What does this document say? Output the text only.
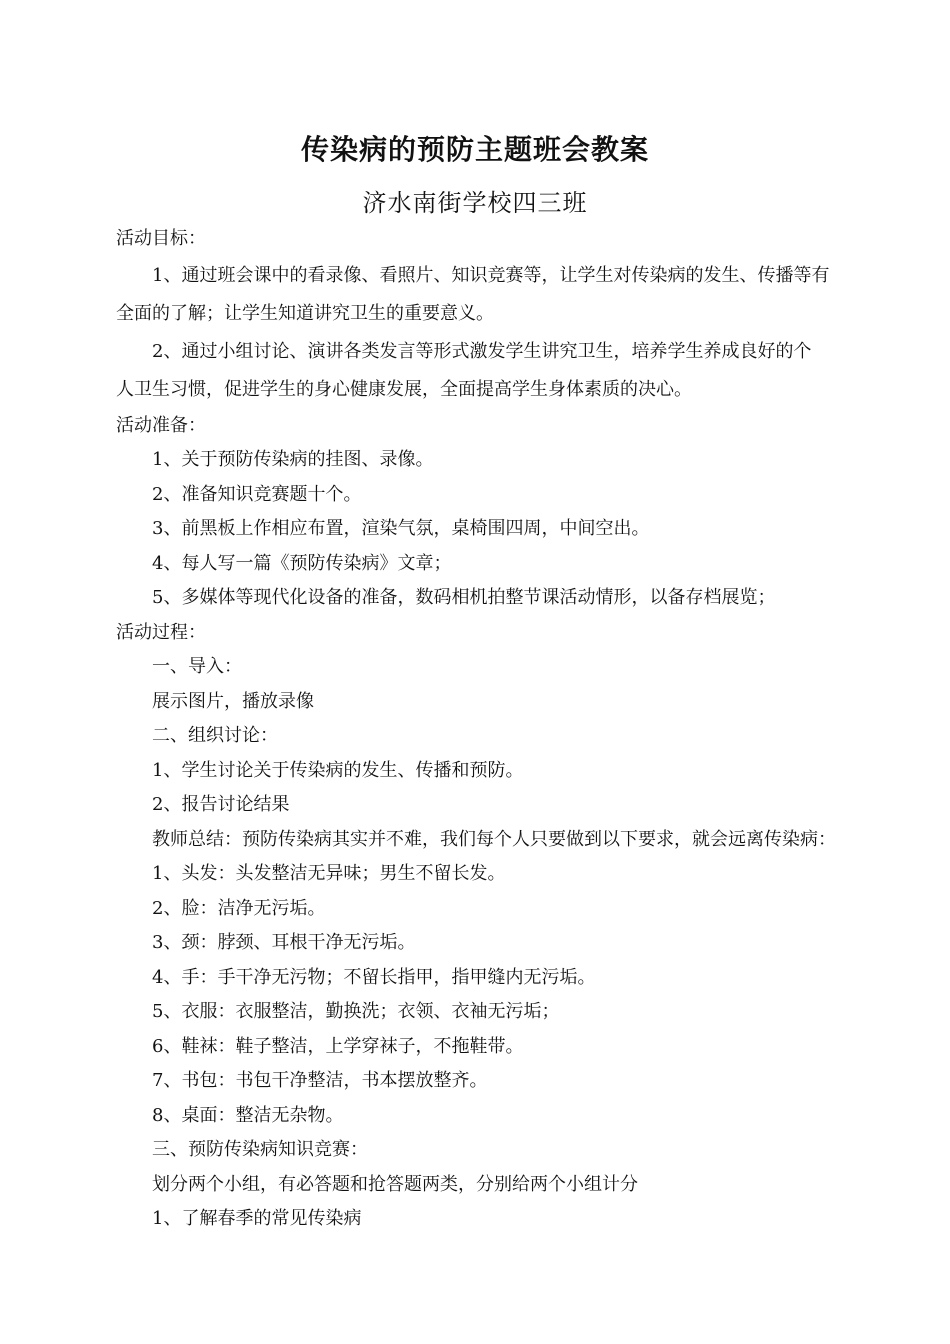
传染病的预防主题班会教案
济水南街学校四三班
活动目标：
1、通过班会课中的看录像、看照片、知识竞赛等，让学生对传染病的发生、传播等有
全面的了解；让学生知道讲究卫生的重要意义。
2、通过小组讨论、演讲各类发言等形式激发学生讲究卫生，培养学生养成良好的个
人卫生习惯，促进学生的身心健康发展，全面提高学生身体素质的决心。
活动准备：
1、关于预防传染病的挂图、录像。
2、准备知识竞赛题十个。
3、前黑板上作相应布置，渲染气氛，桌椅围四周，中间空出。
4、每人写一篇《预防传染病》文章；
5、多媒体等现代化设备的准备，数码相机拍整节课活动情形，以备存档展览；
活动过程：
一、导入：
展示图片，播放录像
二、组织讨论：
1、学生讨论关于传染病的发生、传播和预防。
2、报告讨论结果
教师总结：预防传染病其实并不难，我们每个人只要做到以下要求，就会远离传染病：
1、头发：头发整洁无异味；男生不留长发。
2、脸：洁净无污垢。
3、颈：脖颈、耳根干净无污垢。
4、手：手干净无污物；不留长指甲，指甲缝内无污垢。
5、衣服：衣服整洁，勤换洗；衣领、衣袖无污垢；
6、鞋袜：鞋子整洁，上学穿袜子，不拖鞋带。
7、书包：书包干净整洁，书本摆放整齐。
8、桌面：整洁无杂物。
三、预防传染病知识竞赛：
划分两个小组，有必答题和抢答题两类，分别给两个小组计分
1、了解春季的常见传染病
